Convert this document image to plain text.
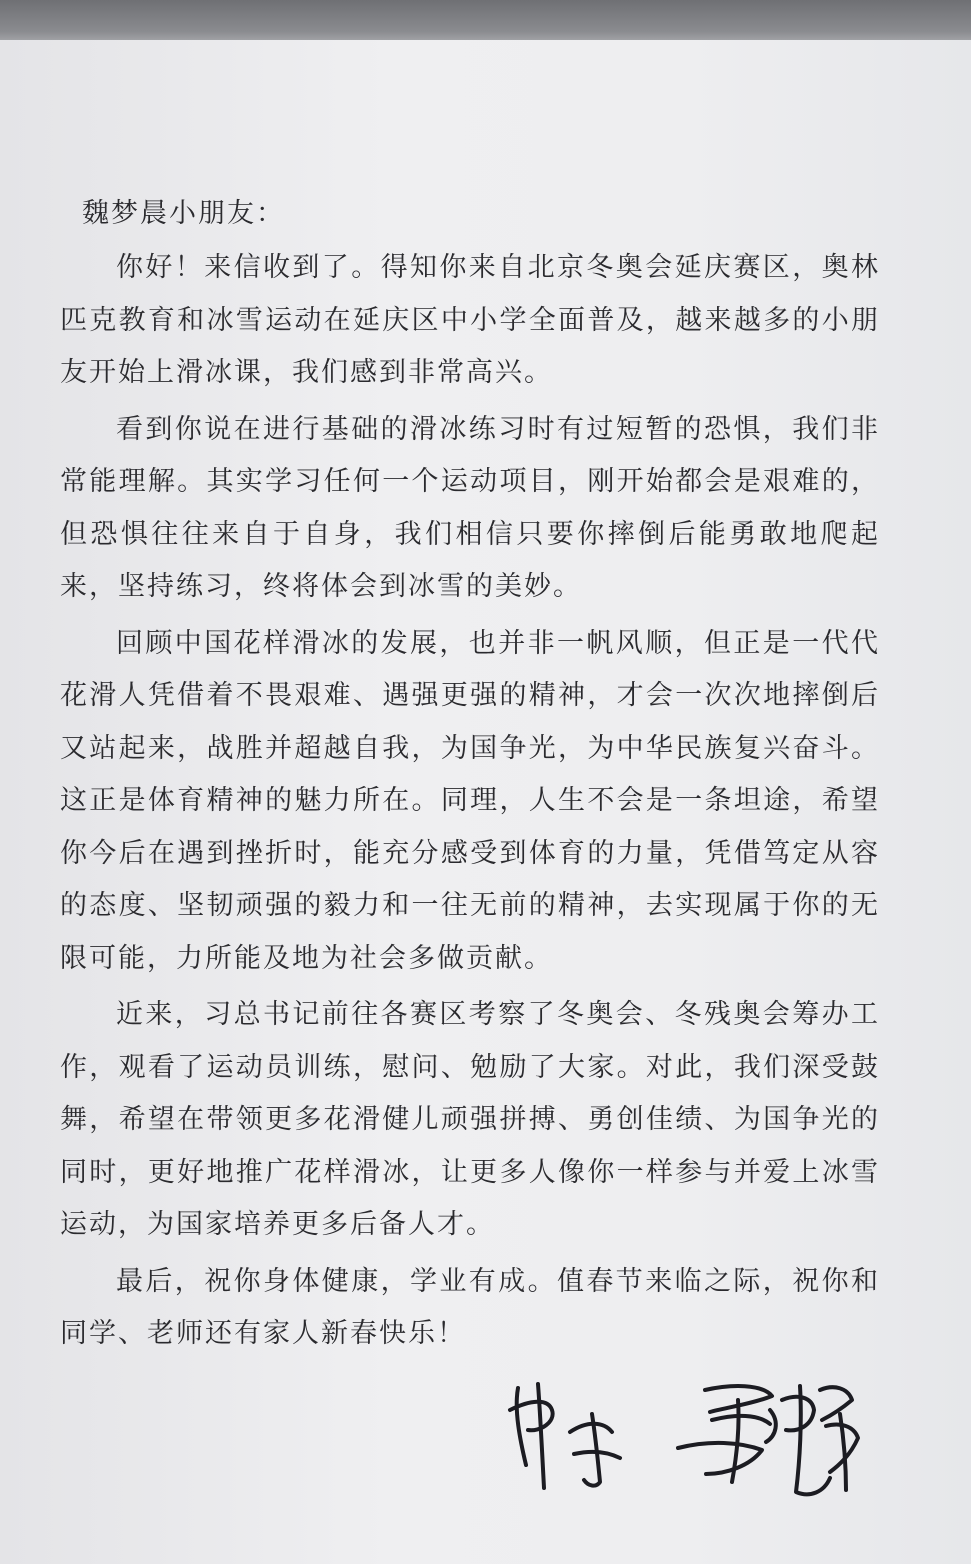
魏梦晨小朋友：

你好！来信收到了。得知你来自北京冬奥会延庆赛区，奥林匹克教育和冰雪运动在延庆区中小学全面普及，越来越多的小朋友开始上滑冰课，我们感到非常高兴。

看到你说在进行基础的滑冰练习时有过短暂的恐惧，我们非常能理解。其实学习任何一个运动项目，刚开始都会是艰难的，但恐惧往往来自于自身，我们相信只要你摔倒后能勇敢地爬起来，坚持练习，终将体会到冰雪的美妙。

回顾中国花样滑冰的发展，也并非一帆风顺，但正是一代代花滑人凭借着不畏艰难、遇强更强的精神，才会一次次地摔倒后又站起来，战胜并超越自我，为国争光，为中华民族复兴奋斗。这正是体育精神的魅力所在。同理，人生不会是一条坦途，希望你今后在遇到挫折时，能充分感受到体育的力量，凭借笃定从容的态度、坚韧顽强的毅力和一往无前的精神，去实现属于你的无限可能，力所能及地为社会多做贡献。

近来，习总书记前往各赛区考察了冬奥会、冬残奥会筹办工作，观看了运动员训练，慰问、勉励了大家。对此，我们深受鼓舞，希望在带领更多花滑健儿顽强拼搏、勇创佳绩、为国争光的同时，更好地推广花样滑冰，让更多人像你一样参与并爱上冰雪运动，为国家培养更多后备人才。

最后，祝你身体健康，学业有成。值春节来临之际，祝你和同学、老师还有家人新春快乐！
